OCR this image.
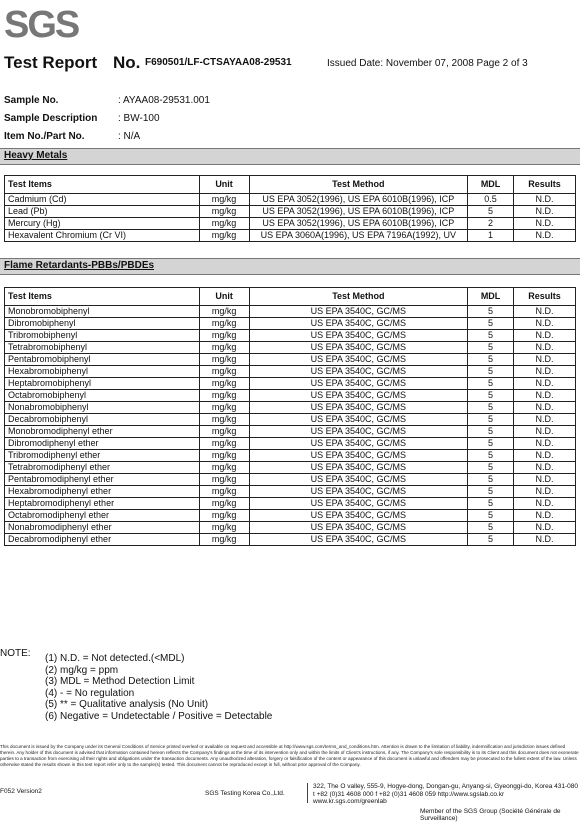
SGS
Test Report No. F690501/LF-CTSAYAA08-29531	Issued Date: November 07, 2008 Page 2 of 3
Sample No.	: AYAA08-29531.001
Sample Description	: BW-100
Item No./Part No.	: N/A
Heavy Metals
Test Items	Unit	Test Method	MDL	Results
Cadmium (Cd)	mg/kg	US EPA 3052(1996), US EPA 6010B(1996), ICP	0.5	N.D.
Lead (Pb)	mg/kg	US EPA 3052(1996), US EPA 6010B(1996), ICP	5	N.D.
Mercury (Hg)	mg/kg	US EPA 3052(1996), US EPA 6010B(1996), ICP	2	N.D.
Hexavalent Chromium (Cr VI)	mg/kg	US EPA 3060A(1996), US EPA 7196A(1992), UV	1	N.D.
Flame Retardants-PBBs/PBDEs
Test Items	Unit	Test Method	MDL	Results
Monobromobiphenyl	mg/kg	US EPA 3540C, GC/MS	5	N.D.
Dibromobiphenyl	mg/kg	US EPA 3540C, GC/MS	5	N.D.
Tribromobiphenyl	mg/kg	US EPA 3540C, GC/MS	5	N.D.
Tetrabromobiphenyl	mg/kg	US EPA 3540C, GC/MS	5	N.D.
Pentabromobiphenyl	mg/kg	US EPA 3540C, GC/MS	5	N.D.
Hexabromobiphenyl	mg/kg	US EPA 3540C, GC/MS	5	N.D.
Heptabromobiphenyl	mg/kg	US EPA 3540C, GC/MS	5	N.D.
Octabromobiphenyl	mg/kg	US EPA 3540C, GC/MS	5	N.D.
Nonabromobiphenyl	mg/kg	US EPA 3540C, GC/MS	5	N.D.
Decabromobiphenyl	mg/kg	US EPA 3540C, GC/MS	5	N.D.
Monobromodiphenyl ether	mg/kg	US EPA 3540C, GC/MS	5	N.D.
Dibromodiphenyl ether	mg/kg	US EPA 3540C, GC/MS	5	N.D.
Tribromodiphenyl ether	mg/kg	US EPA 3540C, GC/MS	5	N.D.
Tetrabromodiphenyl ether	mg/kg	US EPA 3540C, GC/MS	5	N.D.
Pentabromodiphenyl ether	mg/kg	US EPA 3540C, GC/MS	5	N.D.
Hexabromodiphenyl ether	mg/kg	US EPA 3540C, GC/MS	5	N.D.
Heptabromodiphenyl ether	mg/kg	US EPA 3540C, GC/MS	5	N.D.
Octabromodiphenyl ether	mg/kg	US EPA 3540C, GC/MS	5	N.D.
Nonabromodiphenyl ether	mg/kg	US EPA 3540C, GC/MS	5	N.D.
Decabromodiphenyl ether	mg/kg	US EPA 3540C, GC/MS	5	N.D.
NOTE: (1) N.D. = Not detected.(<MDL)
(2) mg/kg = ppm
(3) MDL = Method Detection Limit
(4) - = No regulation
(5) ** = Qualitative analysis (No Unit)
(6) Negative = Undetectable / Positive = Detectable
This document is issued by the Company under its General Conditions of Service printed overleaf or available on request and accessible at http://www.sgs.com/terms_and_conditions.htm. Attention is drawn to the limitation of liability, indemnification and jurisdiction issues defined therein. Any holder of this document is advised that information contained hereon reflects the Company's findings at the time of its intervention only and within the limits of Client's instructions, if any. The Company's sole responsibility is to its Client and this document does not exonerate parties to a transaction from exercising all their rights and obligations under the transaction documents. Any unauthorized alteration, forgery or falsification of the content or appearance of this document is unlawful and offenders may be prosecuted to the fullest extent of the law. Unless otherwise stated the results shown in this test report refer only to the sample(s) tested. This document cannot be reproduced except in full, without prior approval of the Company.
F052 Version2	SGS Testing Korea Co.,Ltd.
322, The O valley, 555-9, Hogye-dong, Dongan-gu, Anyang-si, Gyeonggi-do, Korea 431-080
t +82 (0)31 4608 000 f +82 (0)31 4608 059 http://www.sgslab.co.kr www.kr.sgs.com/greenlab
Member of the SGS Group (Société Générale de Surveillance)
